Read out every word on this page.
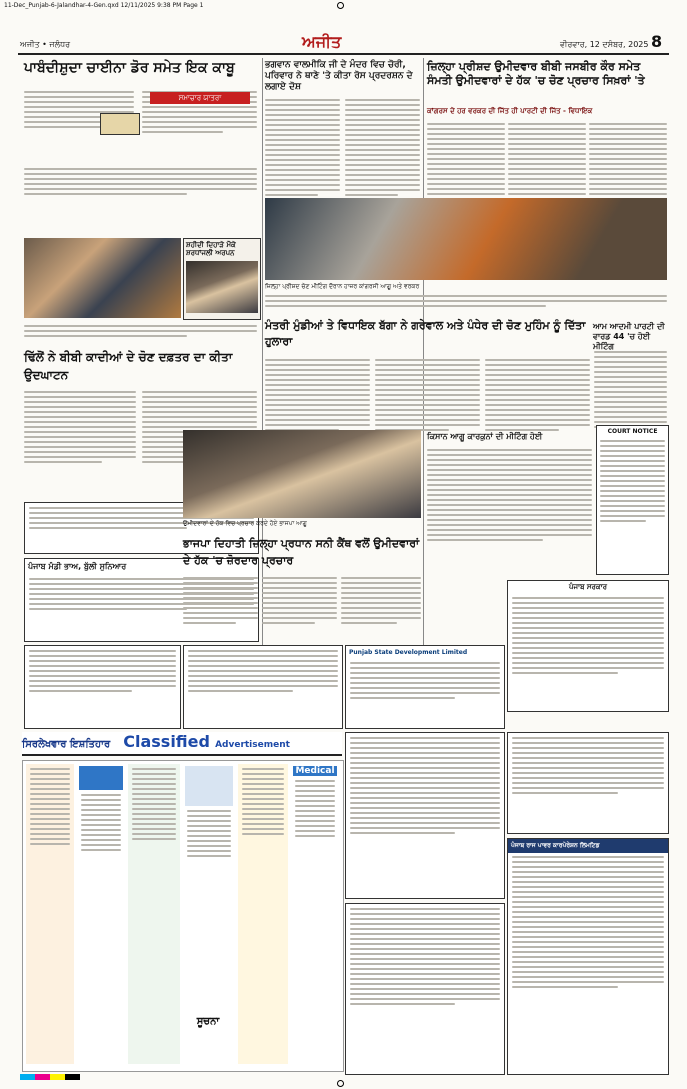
11-Dec_Punjab-6-Jalandhar-4-Gen.qxd 12/11/2025 9:38 PM Page 1
ਅਜੀਤ • ਜਲੰਧਰ	ਅਜੀਤ	ਵੀਰਵਾਰ, 12 ਦਸੰਬਰ, 2025 8
ਪਾਬੰਦੀਸ਼ੁਦਾ ਚਾਈਨਾ ਡੋਰ ਸਮੇਤ ਇਕ ਕਾਬੂ
ਸ਼ਹੀਦੀ ਦਿਹਾੜੇ ਮੌਕੇ ਸ਼ਰਧਾਂਜਲੀ ਅਰਪਨ
ਢਿੱਲੋਂ ਨੇ ਬੀਬੀ ਕਾਦੀਆਂ ਦੇ ਚੋਣ ਦਫ਼ਤਰ ਦਾ ਕੀਤਾ ਉਦਘਾਟਨ
ਪੰਜਾਬ ਮੰਡੀ ਭਾਅ, ਬੁੱਲੀ ਸੁਨਿਆਰ
ਭਗਵਾਨ ਵਾਲਮੀਕਿ ਜੀ ਦੇ ਮੰਦਰ ਵਿਚ ਚੋਰੀ, ਪਰਿਵਾਰ ਨੇ ਥਾਣੇ 'ਤੇ ਕੀਤਾ ਰੋਸ ਪ੍ਰਦਰਸ਼ਨ ਦੇ ਲਗਾਏ ਦੋਸ਼
ਜ਼ਿਲ੍ਹਾ ਪ੍ਰੀਸ਼ਦ ਉਮੀਦਵਾਰ ਬੀਬੀ ਜਸਬੀਰ ਕੌਰ ਸਮੇਤ ਸੰਮਤੀ ਉਮੀਦਵਾਰਾਂ ਦੇ ਹੱਕ 'ਚ ਚੋਣ ਪ੍ਰਚਾਰ ਸਿਖ਼ਰਾਂ 'ਤੇ
ਕਾਂਗਰਸ ਦੇ ਹਰ ਵਰਕਰ ਦੀ ਜਿੱਤ ਹੀ ਪਾਰਟੀ ਦੀ ਜਿੱਤ - ਵਿਧਾਇਕ
ਜ਼ਿਲ੍ਹਾ ਪ੍ਰੀਸ਼ਦ ਚੋਣ ਮੀਟਿੰਗ ਦੌਰਾਨ ਹਾਜ਼ਰ ਕਾਂਗਰਸੀ ਆਗੂ ਅਤੇ ਵਰਕਰ
ਆਮ ਆਦਮੀ ਪਾਰਟੀ ਦੀ ਵਾਰਡ 44 'ਚ ਹੋਈ ਮੀਟਿੰਗ
ਮੰਤਰੀ ਮੁੰਡੀਆਂ ਤੇ ਵਿਧਾਇਕ ਬੱਗਾ ਨੇ ਗਰੇਵਾਲ ਅਤੇ ਪੰਧੇਰ ਦੀ ਚੋਣ ਮੁਹਿੰਮ ਨੂੰ ਦਿੱਤਾ ਹੁਲਾਰਾ
ਉਮੀਦਵਾਰਾਂ ਦੇ ਹੱਕ ਵਿਚ ਪ੍ਰਚਾਰ ਕਰਦੇ ਹੋਏ ਭਾਜਪਾ ਆਗੂ
ਕਿਸਾਨ ਆਗੂ ਕਾਰਕੁਨਾਂ ਦੀ ਮੀਟਿੰਗ ਹੋਈ
COURT NOTICE
ਭਾਜਪਾ ਦਿਹਾਤੀ ਜ਼ਿਲ੍ਹਾ ਪ੍ਰਧਾਨ ਸਨੀ ਕੈਂਥ ਵਲੋਂ ਉਮੀਦਵਾਰਾਂ ਦੇ ਹੱਕ 'ਚ ਜ਼ੋਰਦਾਰ ਪ੍ਰਚਾਰ
ਪੰਜਾਬ ਸਰਕਾਰ
Punjab State Development Limited
ਸਿਰਲੇਖਵਾਰ ਇਸ਼ਤਿਹਾਰ Classified Advertisement
Medical
ਸੂਚਨਾ
ਪੰਜਾਬ ਰਾਜ ਪਾਵਰ ਕਾਰਪੋਰੇਸ਼ਨ ਲਿਮਟਿਡ
ਸਮਾਚਾਰ ਯਾਤਰਾ
